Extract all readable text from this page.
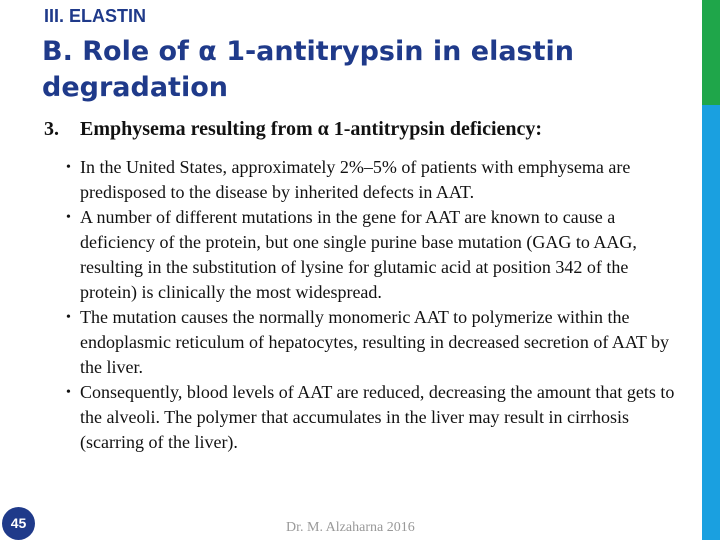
III. ELASTIN
B. Role of α 1-antitrypsin in elastin degradation
3. Emphysema resulting from α 1-antitrypsin deficiency:
• In the United States, approximately 2%–5% of patients with emphysema are predisposed to the disease by inherited defects in AAT.
• A number of different mutations in the gene for AAT are known to cause a deficiency of the protein, but one single purine base mutation (GAG to AAG, resulting in the substitution of lysine for glutamic acid at position 342 of the protein) is clinically the most widespread.
• The mutation causes the normally monomeric AAT to polymerize within the endoplasmic reticulum of hepatocytes, resulting in decreased secretion of AAT by the liver.
• Consequently, blood levels of AAT are reduced, decreasing the amount that gets to the alveoli. The polymer that accumulates in the liver may result in cirrhosis (scarring of the liver).
45	Dr. M. Alzaharna 2016
